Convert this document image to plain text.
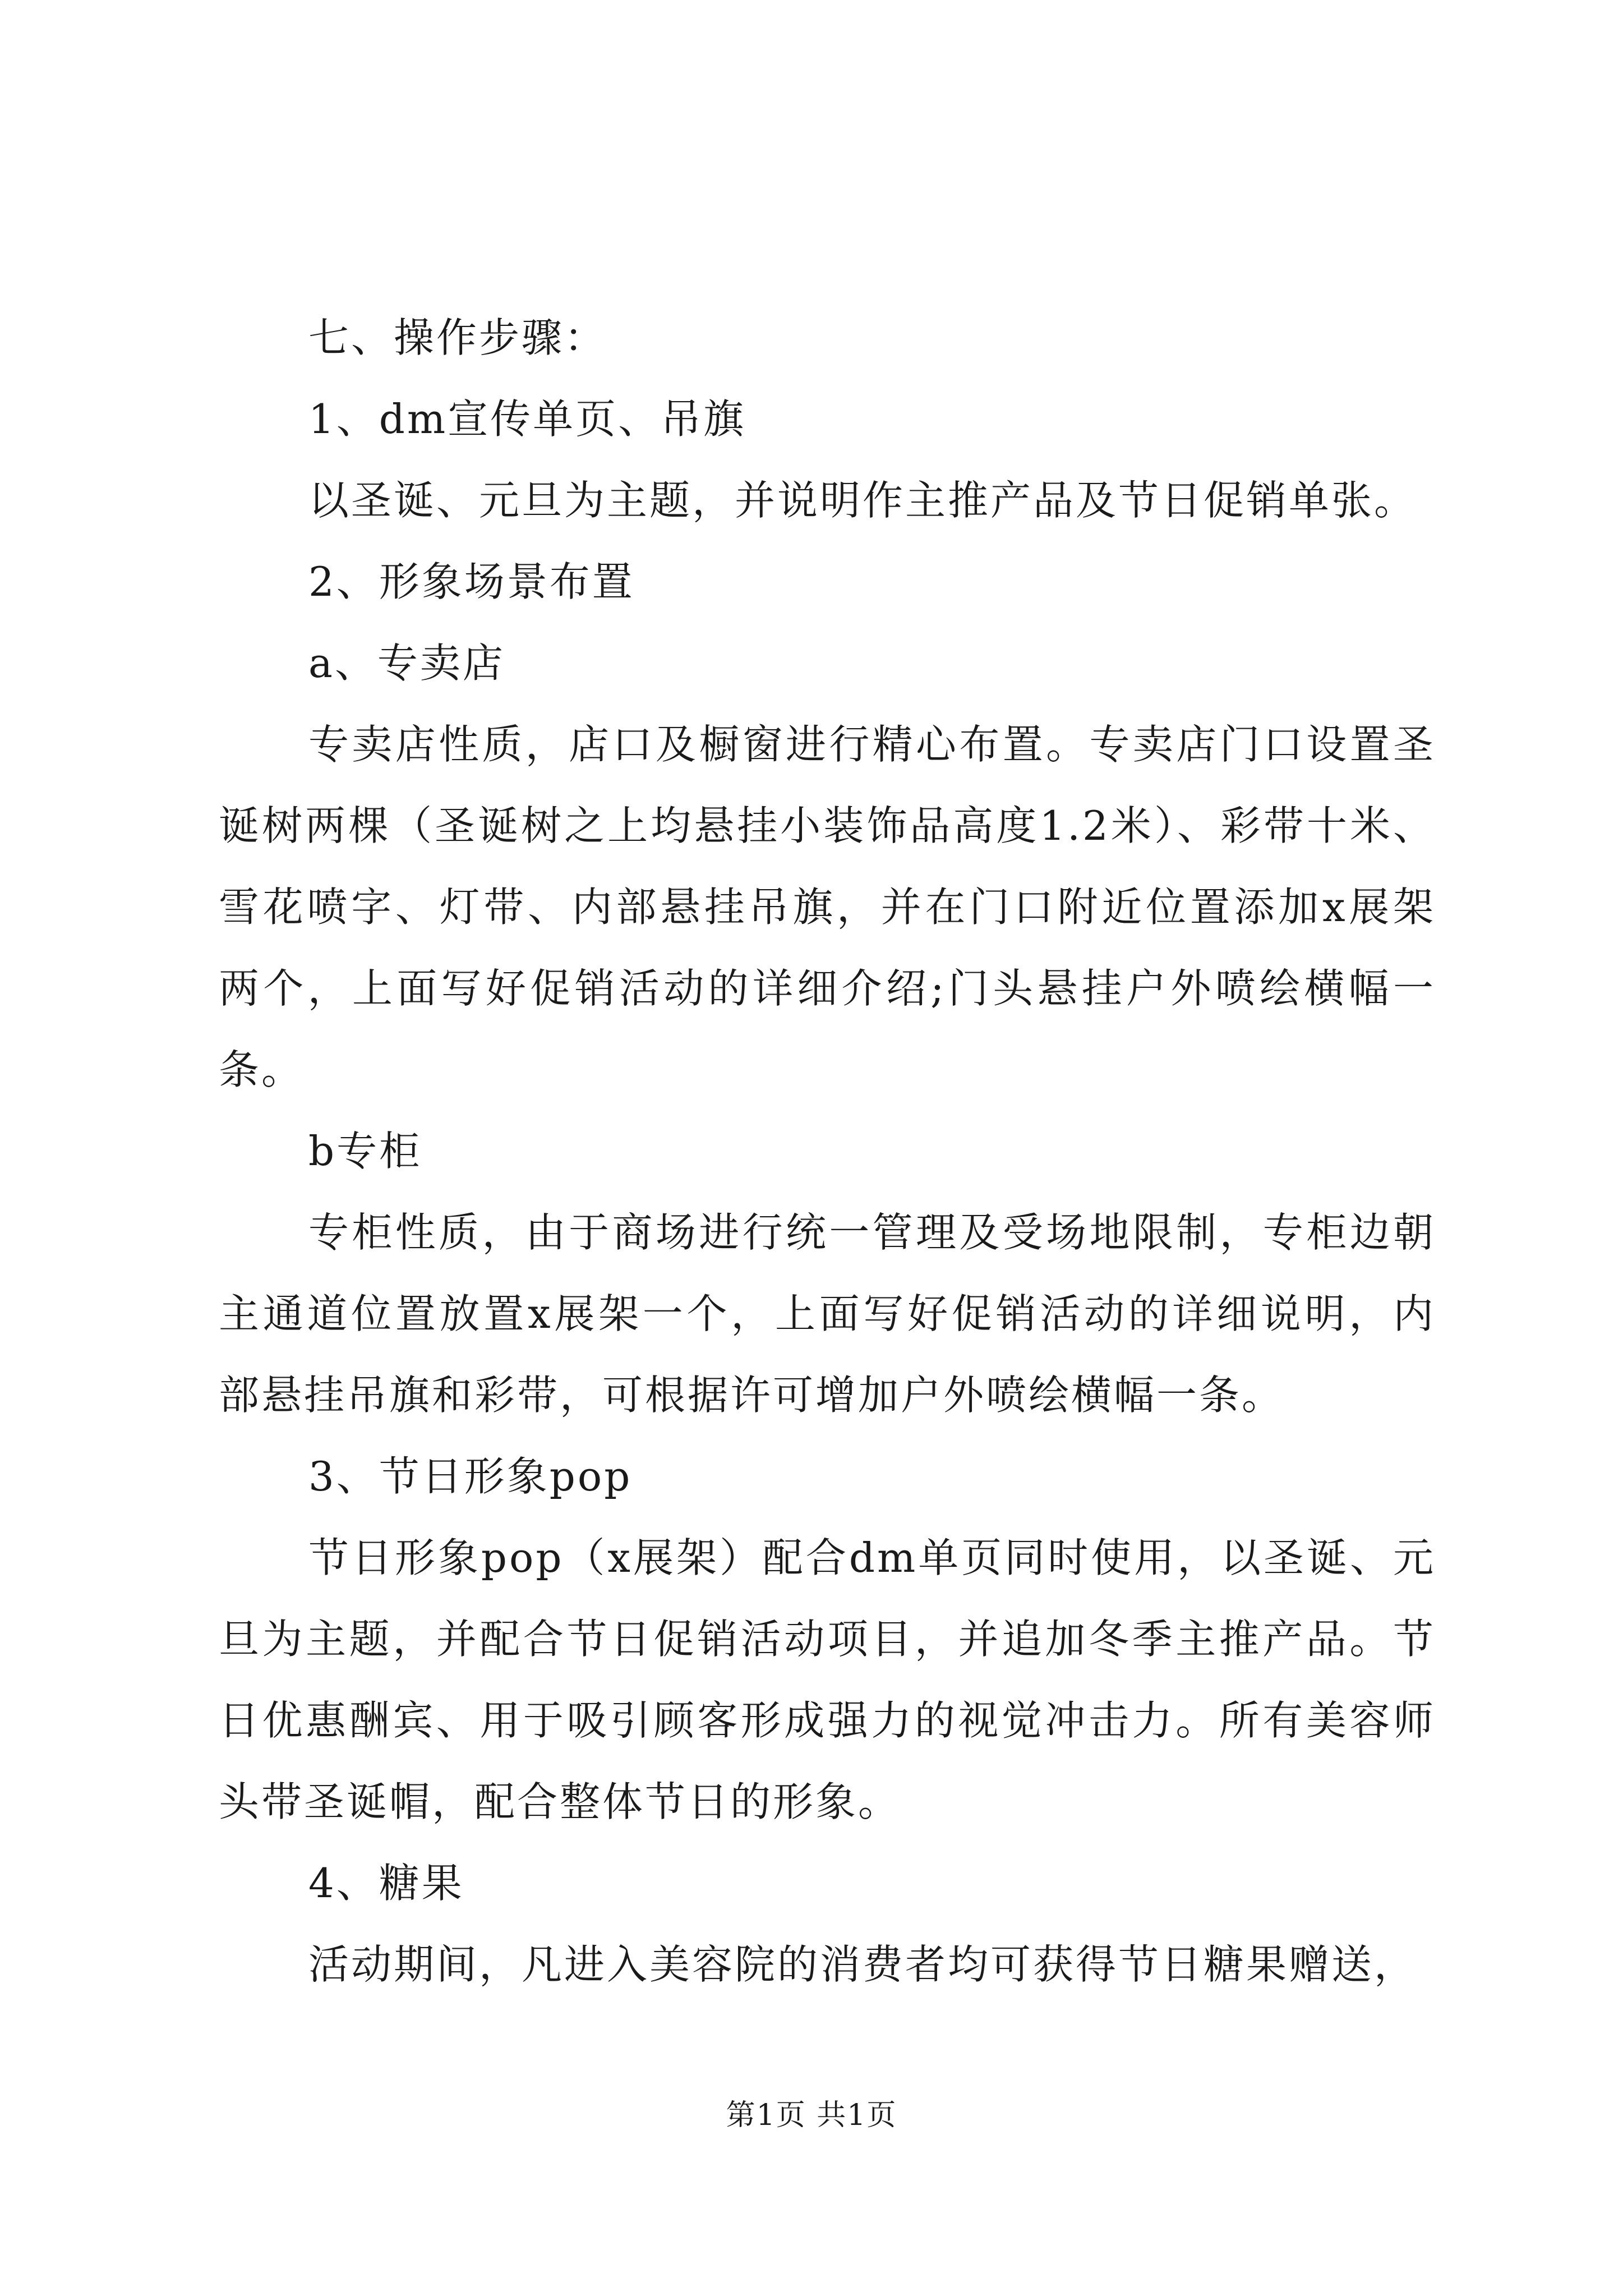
七、操作步骤：

1、dm宣传单页、吊旗

以圣诞、元旦为主题，并说明作主推产品及节日促销单张。

2、形象场景布置

a、专卖店

专卖店性质，店口及橱窗进行精心布置。专卖店门口设置圣诞树两棵（圣诞树之上均悬挂小装饰品高度1.2米）、彩带十米、雪花喷字、灯带、内部悬挂吊旗，并在门口附近位置添加x展架两个，上面写好促销活动的详细介绍;门头悬挂户外喷绘横幅一条。

b专柜

专柜性质，由于商场进行统一管理及受场地限制，专柜边朝主通道位置放置x展架一个，上面写好促销活动的详细说明，内部悬挂吊旗和彩带，可根据许可增加户外喷绘横幅一条。

3、节日形象pop

节日形象pop（x展架）配合dm单页同时使用，以圣诞、元旦为主题，并配合节日促销活动项目，并追加冬季主推产品。节日优惠酬宾、用于吸引顾客形成强力的视觉冲击力。所有美容师头带圣诞帽，配合整体节日的形象。

4、糖果

活动期间，凡进入美容院的消费者均可获得节日糖果赠送，

第1页 共1页
